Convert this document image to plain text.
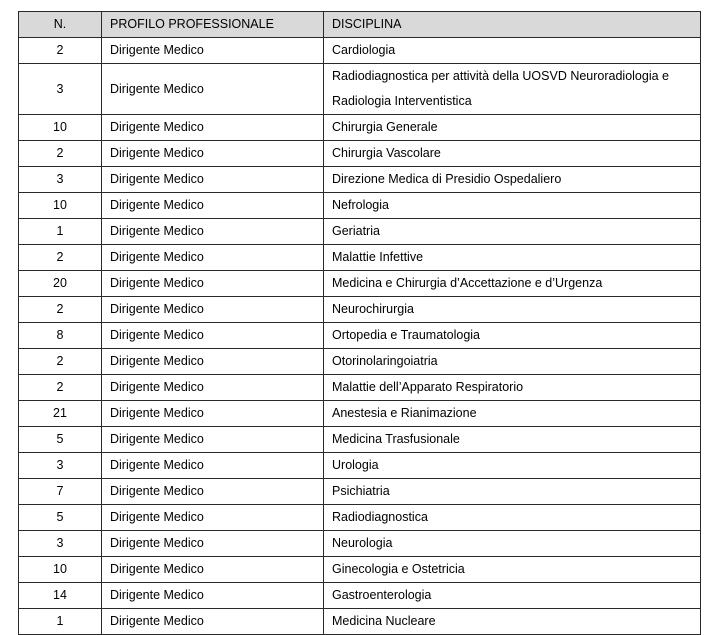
N.	PROFILO PROFESSIONALE	DISCIPLINA
2	Dirigente Medico	Cardiologia
3	Dirigente Medico	Radiodiagnostica per attività della UOSVD Neuroradiologia e Radiologia Interventistica
10	Dirigente Medico	Chirurgia Generale
2	Dirigente Medico	Chirurgia Vascolare
3	Dirigente Medico	Direzione Medica di Presidio Ospedaliero
10	Dirigente Medico	Nefrologia
1	Dirigente Medico	Geriatria
2	Dirigente Medico	Malattie Infettive
20	Dirigente Medico	Medicina e Chirurgia d’Accettazione e d’Urgenza
2	Dirigente Medico	Neurochirurgia
8	Dirigente Medico	Ortopedia e Traumatologia
2	Dirigente Medico	Otorinolaringoiatria
2	Dirigente Medico	Malattie dell’Apparato Respiratorio
21	Dirigente Medico	Anestesia e Rianimazione
5	Dirigente Medico	Medicina Trasfusionale
3	Dirigente Medico	Urologia
7	Dirigente Medico	Psichiatria
5	Dirigente Medico	Radiodiagnostica
3	Dirigente Medico	Neurologia
10	Dirigente Medico	Ginecologia e Ostetricia
14	Dirigente Medico	Gastroenterologia
1	Dirigente Medico	Medicina Nucleare
